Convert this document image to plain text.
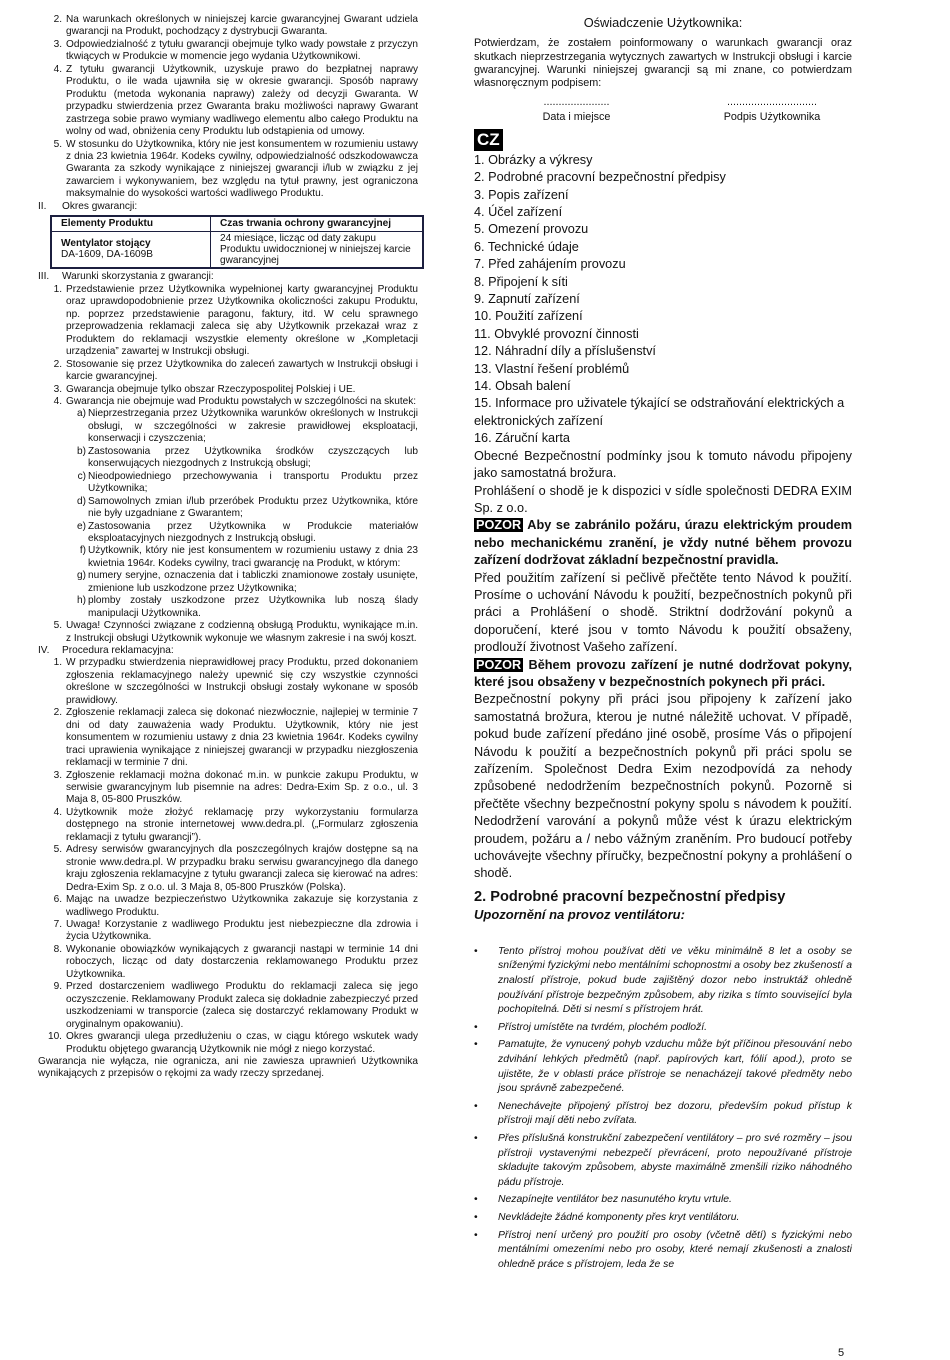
2. Na warunkach określonych w niniejszej karcie gwarancyjnej Gwarant udziela gwarancji na Produkt, pochodzący z dystrybucji Gwaranta.
3. Odpowiedzialność z tytułu gwarancji obejmuje tylko wady powstałe z przyczyn tkwiących w Produkcie w momencie jego wydania Użytkownikowi.
4. Z tytułu gwarancji Użytkownik, uzyskuje prawo do bezpłatnej naprawy Produktu, o ile wada ujawniła się w okresie gwarancji. Sposób naprawy Produktu (metoda wykonania naprawy) zależy od decyzji Gwaranta. W przypadku stwierdzenia przez Gwaranta braku możliwości naprawy Gwarant zastrzega sobie prawo wymiany wadliwego elementu albo całego Produktu na wolny od wad, obniżenia ceny Produktu lub odstąpienia od umowy.
5. W stosunku do Użytkownika, który nie jest konsumentem w rozumieniu ustawy z dnia 23 kwietnia 1964r. Kodeks cywilny, odpowiedzialność odszkodowawcza Gwaranta za szkody wynikające z niniejszej gwarancji i/lub w związku z jej zawarciem i wykonywaniem, bez względu na tytuł prawny, jest ograniczona maksymalnie do wysokości wartości wadliwego Produktu.
II.	Okres gwarancji:
Elementy Produktu	Czas trwania ochrony gwarancyjnej

Wentylator stojący
DA-1609, DA-1609B	24 miesiące, licząc od daty zakupu Produktu uwidocznionej w niniejszej karcie gwarancyjnej
III.	Warunki skorzystania z gwarancji:
1. Przedstawienie przez Użytkownika wypełnionej karty gwarancyjnej Produktu oraz uprawdopodobnienie przez Użytkownika okoliczności zakupu Produktu, np. poprzez przedstawienie paragonu, faktury, itd. W celu sprawnego przeprowadzenia reklamacji zaleca się aby Użytkownik przekazał wraz z Produktem do reklamacji wszystkie elementy określone w „Kompletacji urządzenia” zawartej w Instrukcji obsługi.
2. Stosowanie się przez Użytkownika do zaleceń zawartych w Instrukcji obsługi i karcie gwarancyjnej.
3. Gwarancja obejmuje tylko obszar Rzeczypospolitej Polskiej i UE.
4. Gwarancja nie obejmuje wad Produktu powstałych w szczególności na skutek:
a) Nieprzestrzegania przez Użytkownika warunków określonych w Instrukcji obsługi, w szczególności w zakresie prawidłowej eksploatacji, konserwacji i czyszczenia;
b) Zastosowania przez Użytkownika środków czyszczących lub konserwujących niezgodnych z Instrukcją obsługi;
c) Nieodpowiedniego przechowywania i transportu Produktu przez Użytkownika;
d) Samowolnych zmian i/lub przeróbek Produktu przez Użytkownika, które nie były uzgadniane z Gwarantem;
e) Zastosowania przez Użytkownika w Produkcie materiałów eksploatacyjnych niezgodnych z Instrukcją obsługi.
f) Użytkownik, który nie jest konsumentem w rozumieniu ustawy z dnia 23 kwietnia 1964r. Kodeks cywilny, traci gwarancję na Produkt, w którym:
g) numery seryjne, oznaczenia dat i tabliczki znamionowe zostały usunięte, zmienione lub uszkodzone przez Użytkownika;
h) plomby zostały uszkodzone przez Użytkownika lub noszą ślady manipulacji Użytkownika.
5. Uwaga! Czynności związane z codzienną obsługą Produktu, wynikające m.in. z Instrukcji obsługi Użytkownik wykonuje we własnym zakresie i na swój koszt.
IV.	Procedura reklamacyjna:
1. W przypadku stwierdzenia nieprawidłowej pracy Produktu, przed dokonaniem zgłoszenia reklamacyjnego należy upewnić się czy wszystkie czynności określone w szczególności w Instrukcji obsługi zostały wykonane w sposób prawidłowy.
2. Zgłoszenie reklamacji zaleca się dokonać niezwłocznie, najlepiej w terminie 7 dni od daty zauważenia wady Produktu. Użytkownik, który nie jest konsumentem w rozumieniu ustawy z dnia 23 kwietnia 1964r. Kodeks cywilny traci uprawienia wynikające z niniejszej gwarancji w przypadku niezgłoszenia reklamacji w terminie 7 dni.
3. Zgłoszenie reklamacji można dokonać m.in. w punkcie zakupu Produktu, w serwisie gwarancyjnym lub pisemnie na adres: Dedra-Exim Sp. z o.o., ul. 3 Maja 8, 05-800 Pruszków.
4. Użytkownik może złożyć reklamację przy wykorzystaniu formularza dostępnego na stronie internetowej www.dedra.pl. („Formularz zgłoszenia reklamacji z tytułu gwarancji”).
5. Adresy serwisów gwarancyjnych dla poszczególnych krajów dostępne są na stronie www.dedra.pl. W przypadku braku serwisu gwarancyjnego dla danego kraju zgłoszenia reklamacyjne z tytułu gwarancji zaleca się kierować na adres: Dedra-Exim Sp. z o.o. ul. 3 Maja 8, 05-800 Pruszków (Polska).
6. Mając na uwadze bezpieczeństwo Użytkownika zakazuje się korzystania z wadliwego Produktu.
7. Uwaga! Korzystanie z wadliwego Produktu jest niebezpieczne dla zdrowia i życia Użytkownika.
8. Wykonanie obowiązków wynikających z gwarancji nastąpi w terminie 14 dni roboczych, licząc od daty dostarczenia reklamowanego Produktu przez Użytkownika.
9. Przed dostarczeniem wadliwego Produktu do reklamacji zaleca się jego oczyszczenie. Reklamowany Produkt zaleca się dokładnie zabezpieczyć przed uszkodzeniami w transporcie (zaleca się dostarczyć reklamowany Produkt w oryginalnym opakowaniu).
10. Okres gwarancji ulega przedłużeniu o czas, w ciągu którego wskutek wady Produktu objętego gwarancją Użytkownik nie mógł z niego korzystać.
Gwarancja nie wyłącza, nie ogranicza, ani nie zawiesza uprawnień Użytkownika wynikających z przepisów o rękojmi za wady rzeczy sprzedanej.
Oświadczenie Użytkownika:
Potwierdzam, że zostałem poinformowany o warunkach gwarancji oraz skutkach nieprzestrzegania wytycznych zawartych w Instrukcji obsługi i karcie gwarancyjnej. Warunki niniejszej gwarancji są mi znane, co potwierdzam własnoręcznym podpisem:
......................
Data i miejsce
..............................
Podpis Użytkownika
CZ
1. Obrázky a výkresy
2. Podrobné pracovní bezpečnostní předpisy
3. Popis zařízení
4. Účel zařízení
5. Omezení provozu
6. Technické údaje
7. Před zahájením provozu
8. Připojení k síti
9. Zapnutí zařízení
10. Použití zařízení
11. Obvyklé provozní činnosti
12. Náhradní díly a příslušenství
13. Vlastní řešení problémů
14. Obsah balení
15. Informace pro uživatele týkající se odstraňování elektrických a elektronických zařízení
16. Záruční karta
Obecné Bezpečnostní podmínky jsou k tomuto návodu připojeny jako samostatná brožura.
Prohlášení o shodě je k dispozici v sídle společnosti DEDRA EXIM Sp. z o.o.
POZOR Aby se zabránilo požáru, úrazu elektrickým proudem nebo mechanickému zranění, je vždy nutné během provozu zařízení dodržovat základní bezpečnostní pravidla.
Před použitím zařízení si pečlivě přečtěte tento Návod k použití. Prosíme o uchování Návodu k použití, bezpečnostních pokynů při práci a Prohlášení o shodě. Striktní dodržování pokynů a doporučení, které jsou v tomto Návodu k použití obsaženy, prodlouží životnost Vašeho zařízení.
POZOR Během provozu zařízení je nutné dodržovat pokyny, které jsou obsaženy v bezpečnostních pokynech při práci.
Bezpečnostní pokyny při práci jsou připojeny k zařízení jako samostatná brožura, kterou je nutné náležitě uchovat. V případě, pokud bude zařízení předáno jiné osobě, prosíme Vás o připojení Návodu k použití a bezpečnostních pokynů při práci spolu se zařízením. Společnost Dedra Exim nezodpovídá za nehody způsobené nedodržením bezpečnostních pokynů. Pozorně si přečtěte všechny bezpečnostní pokyny spolu s návodem k použití. Nedodržení varování a pokynů může vést k úrazu elektrickým proudem, požáru a / nebo vážným zraněním. Pro budoucí potřeby uchovávejte všechny příručky, bezpečnostní pokyny a prohlášení o shodě.
2. Podrobné pracovní bezpečnostní předpisy
Upozornění na provoz ventilátoru:
•	Tento přístroj mohou používat děti ve věku minimálně 8 let a osoby se sníženými fyzickými nebo mentálními schopnostmi a osoby bez zkušeností a znalostí přístroje, pokud bude zajištěný dozor nebo instruktáž ohledně používání přístroje bezpečným způsobem, aby rizika s tímto související byla pochopitelná. Děti si nesmí s přístrojem hrát.
•	Přístroj umístěte na tvrdém, plochém podloží.
•	Pamatujte, že vynucený pohyb vzduchu může být příčinou přesouvání nebo zdvihání lehkých předmětů (např. papírových kart, fólií apod.), proto se ujistěte, že v oblasti práce přístroje se nenacházejí takové předměty nebo jsou správně zabezpečené.
•	Nenechávejte připojený přístroj bez dozoru, především pokud přístup k přístroji mají děti nebo zvířata.
•	Přes příslušná konstrukční zabezpečení ventilátory – pro své rozměry – jsou přístroji vystavenými nebezpečí převrácení, proto nepoužívané přístroje skladujte takovým způsobem, abyste maximálně zmenšili riziko náhodného pádu přístroje.
•	Nezapínejte ventilátor bez nasunutého krytu vrtule.
•	Nevkládejte žádné komponenty přes kryt ventilátoru.
•	Přístroj není určený pro použití pro osoby (včetně dětí) s fyzickými nebo mentálními omezeními nebo pro osoby, které nemají zkušenosti a znalosti ohledně práce s přístrojem, leda že se
5
